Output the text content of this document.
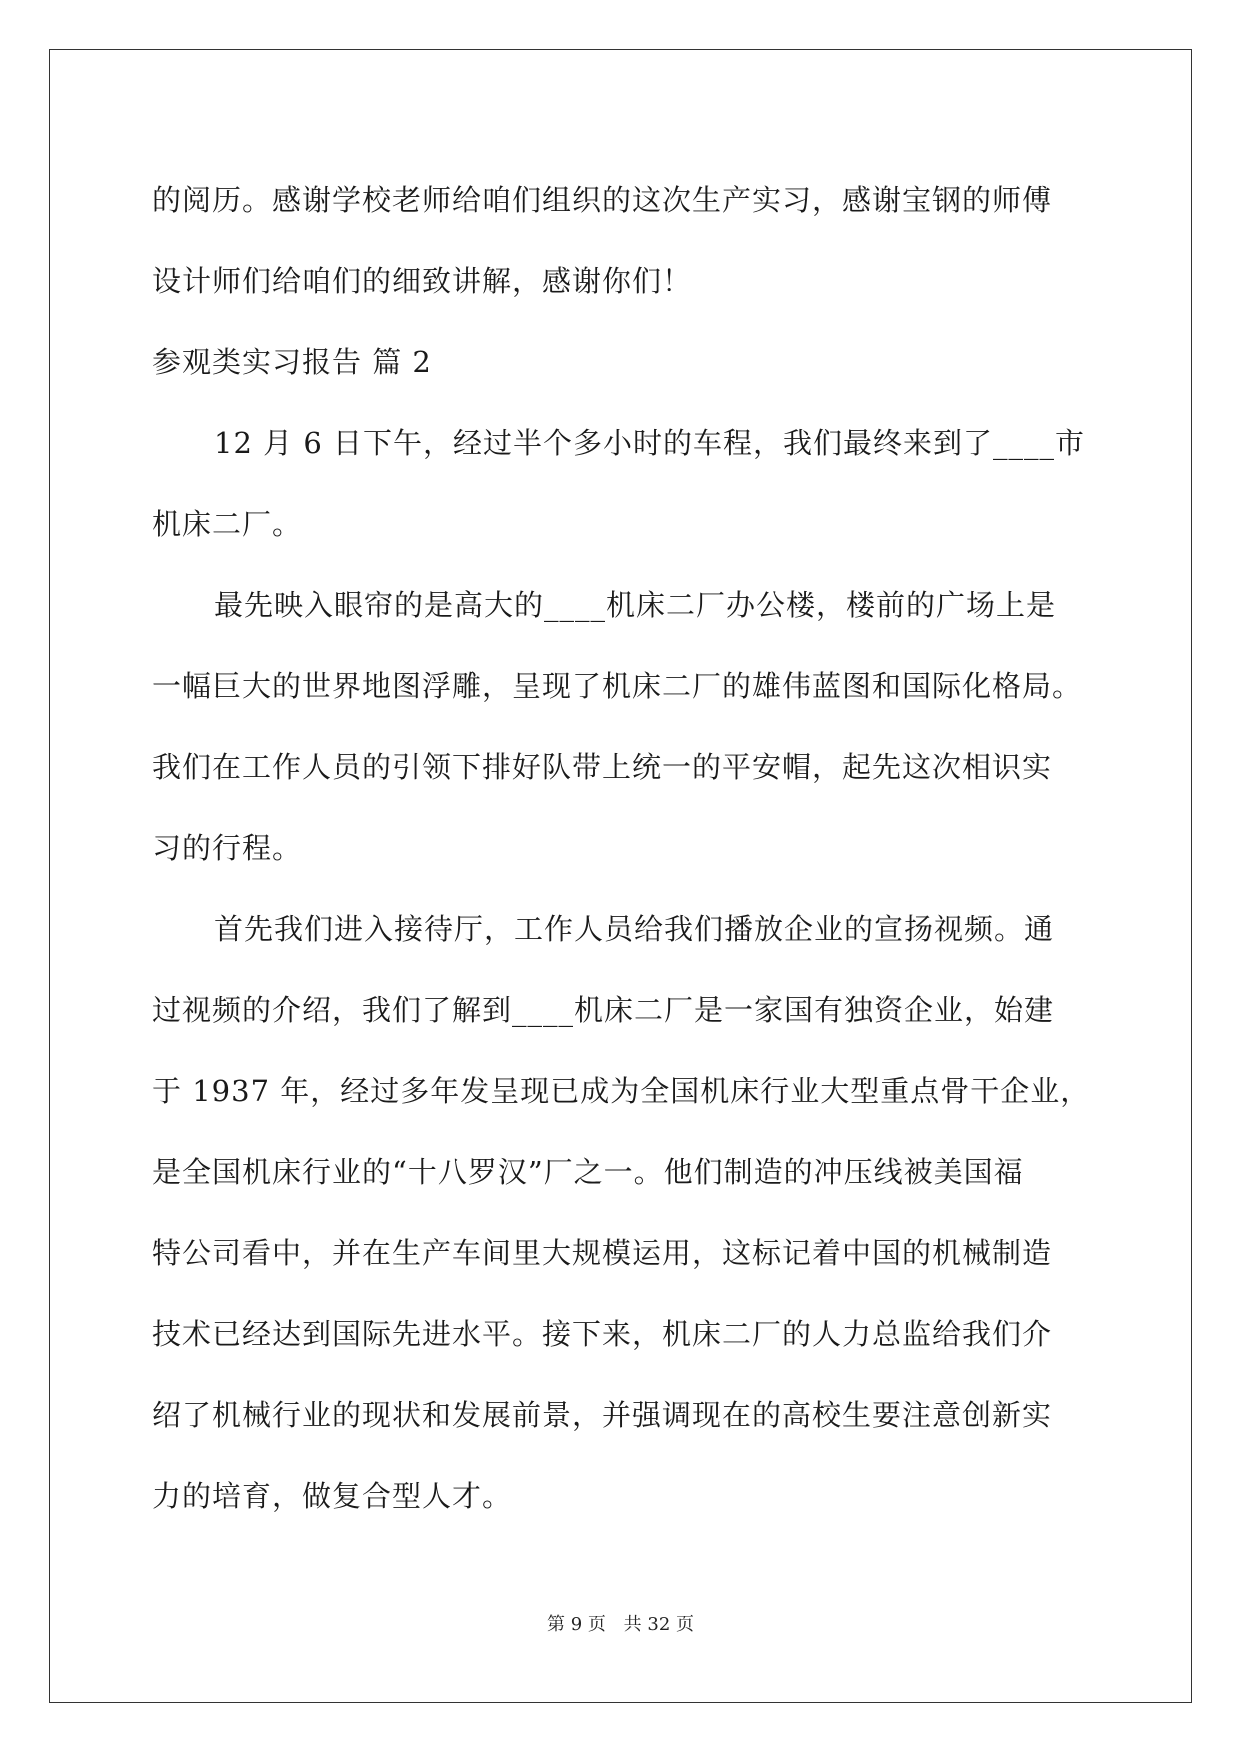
的阅历。感谢学校老师给咱们组织的这次生产实习，感谢宝钢的师傅
设计师们给咱们的细致讲解，感谢你们！
参观类实习报告 篇 2
12 月 6 日下午，经过半个多小时的车程，我们最终来到了____市
机床二厂。
最先映入眼帘的是高大的____机床二厂办公楼，楼前的广场上是
一幅巨大的世界地图浮雕，呈现了机床二厂的雄伟蓝图和国际化格局。
我们在工作人员的引领下排好队带上统一的平安帽，起先这次相识实
习的行程。
首先我们进入接待厅，工作人员给我们播放企业的宣扬视频。通
过视频的介绍，我们了解到____机床二厂是一家国有独资企业，始建
于 1937 年，经过多年发呈现已成为全国机床行业大型重点骨干企业，
是全国机床行业的“十八罗汉”厂之一。他们制造的冲压线被美国福
特公司看中，并在生产车间里大规模运用，这标记着中国的机械制造
技术已经达到国际先进水平。接下来，机床二厂的人力总监给我们介
绍了机械行业的现状和发展前景，并强调现在的高校生要注意创新实
力的培育，做复合型人才。
第 9 页 共 32 页
